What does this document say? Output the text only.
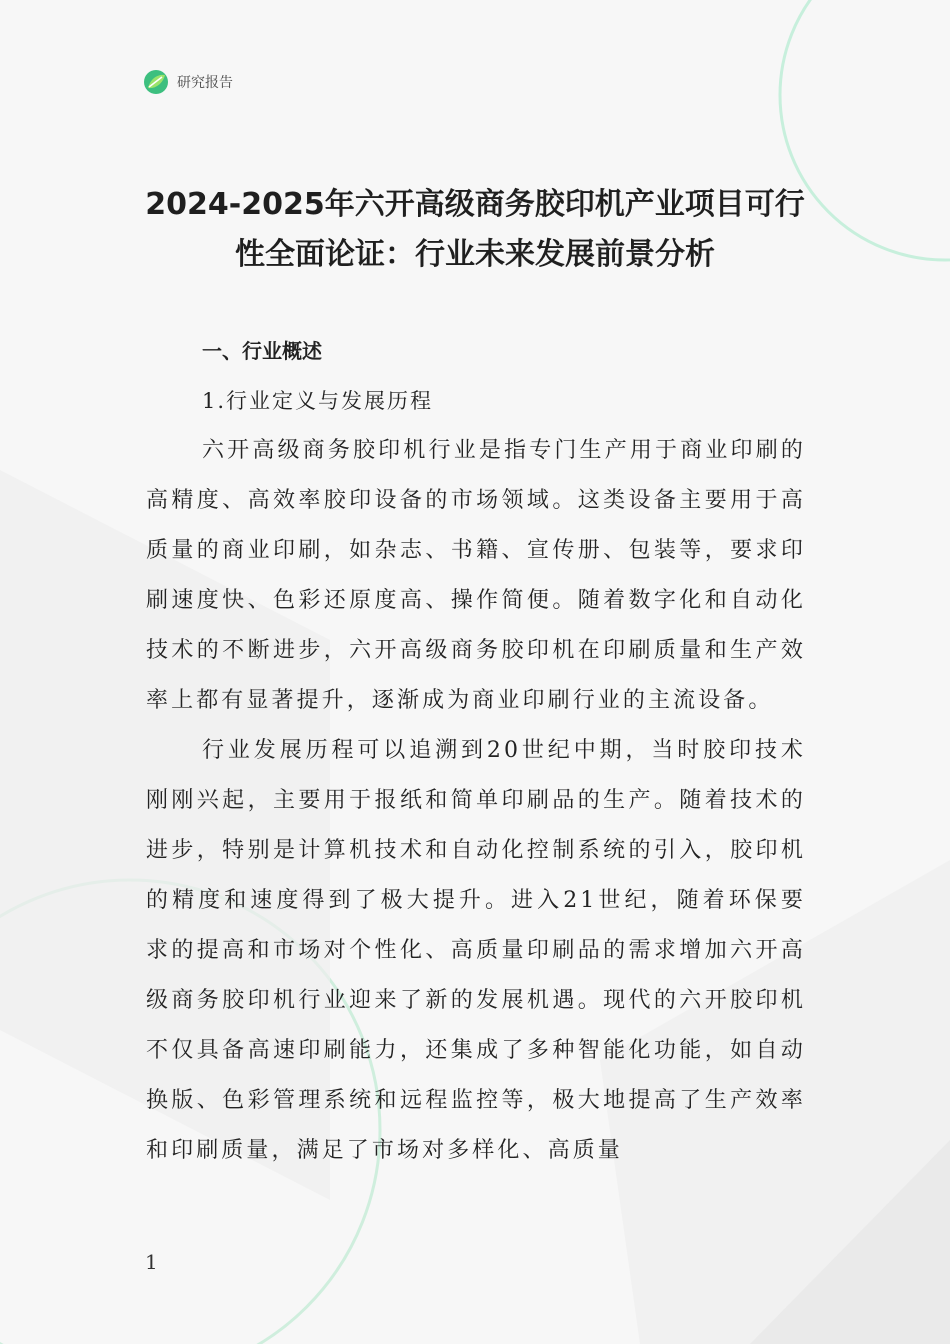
研究报告
2024-2025年六开高级商务胶印机产业项目可行性全面论证：行业未来发展前景分析

一、行业概述

1.行业定义与发展历程

六开高级商务胶印机行业是指专门生产用于商业印刷的高精度、高效率胶印设备的市场领域。这类设备主要用于高质量的商业印刷，如杂志、书籍、宣传册、包装等，要求印刷速度快、色彩还原度高、操作简便。随着数字化和自动化技术的不断进步，六开高级商务胶印机在印刷质量和生产效率上都有显著提升，逐渐成为商业印刷行业的主流设备。

行业发展历程可以追溯到20世纪中期，当时胶印技术刚刚兴起，主要用于报纸和简单印刷品的生产。随着技术的进步，特别是计算机技术和自动化控制系统的引入，胶印机的精度和速度得到了极大提升。进入21世纪，随着环保要求的提高和市场对个性化、高质量印刷品的需求增加六开高级商务胶印机行业迎来了新的发展机遇。现代的六开胶印机不仅具备高速印刷能力，还集成了多种智能化功能，如自动换版、色彩管理系统和远程监控等，极大地提高了生产效率和印刷质量，满足了市场对多样化、高质量

1
